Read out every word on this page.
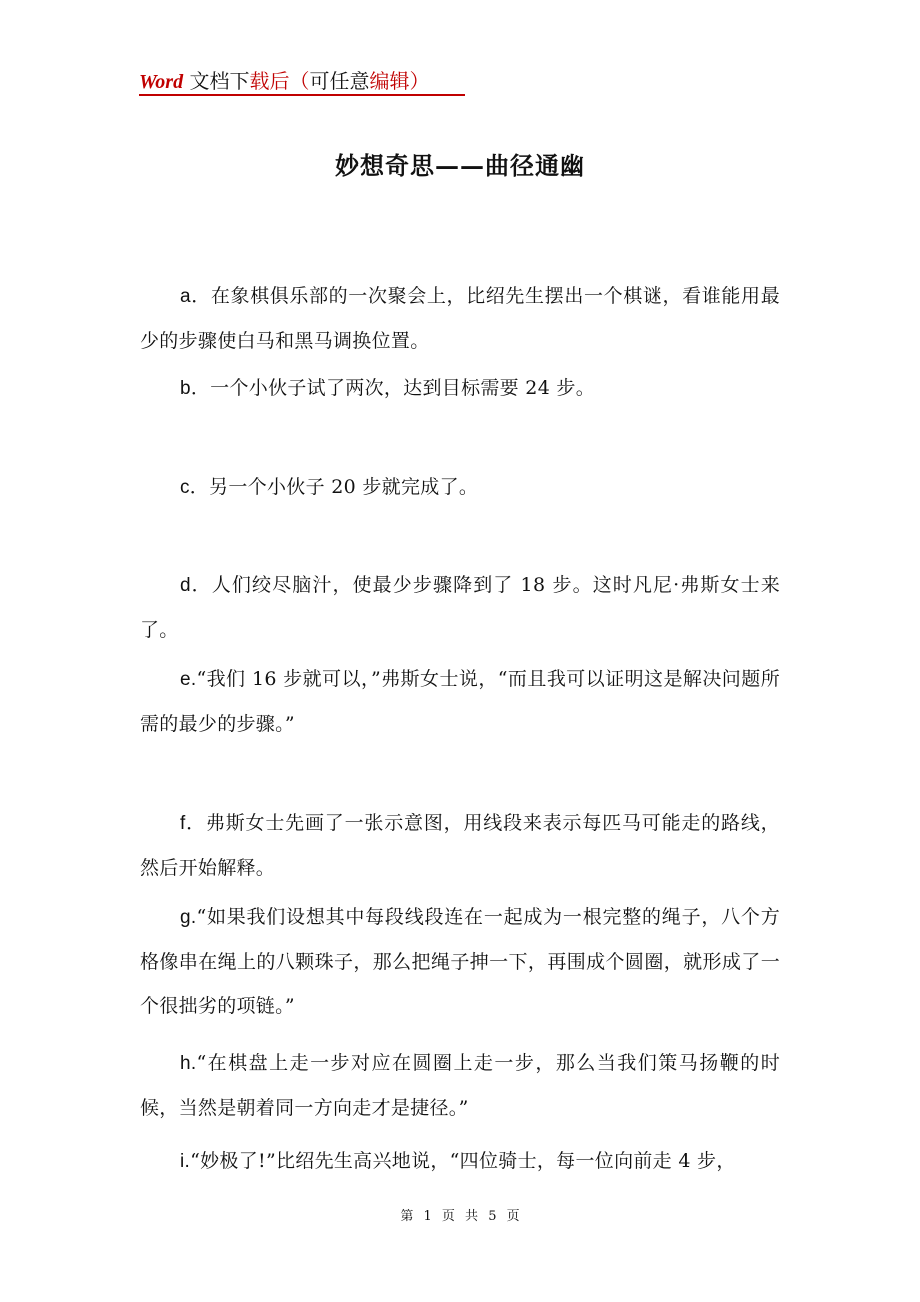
Word 文档下载后（可任意编辑）
妙想奇思——曲径通幽
a．在象棋俱乐部的一次聚会上，比绍先生摆出一个棋谜，看谁能用最少的步骤使白马和黑马调换位置。
b．一个小伙子试了两次，达到目标需要 24 步。
c．另一个小伙子 20 步就完成了。
d．人们绞尽脑汁，使最少步骤降到了 18 步。这时凡尼·弗斯女士来了。
e.“我们 16 步就可以，”弗斯女士说，“而且我可以证明这是解决问题所需的最少的步骤。”
f．弗斯女士先画了一张示意图，用线段来表示每匹马可能走的路线，然后开始解释。
g.“如果我们设想其中每段线段连在一起成为一根完整的绳子，八个方格像串在绳上的八颗珠子，那么把绳子抻一下，再围成个圆圈，就形成了一个很拙劣的项链。”
h.“在棋盘上走一步对应在圆圈上走一步，那么当我们策马扬鞭的时候，当然是朝着同一方向走才是捷径。”
i.“妙极了!”比绍先生高兴地说，“四位骑士，每一位向前走 4 步，
第 1 页 共 5 页
